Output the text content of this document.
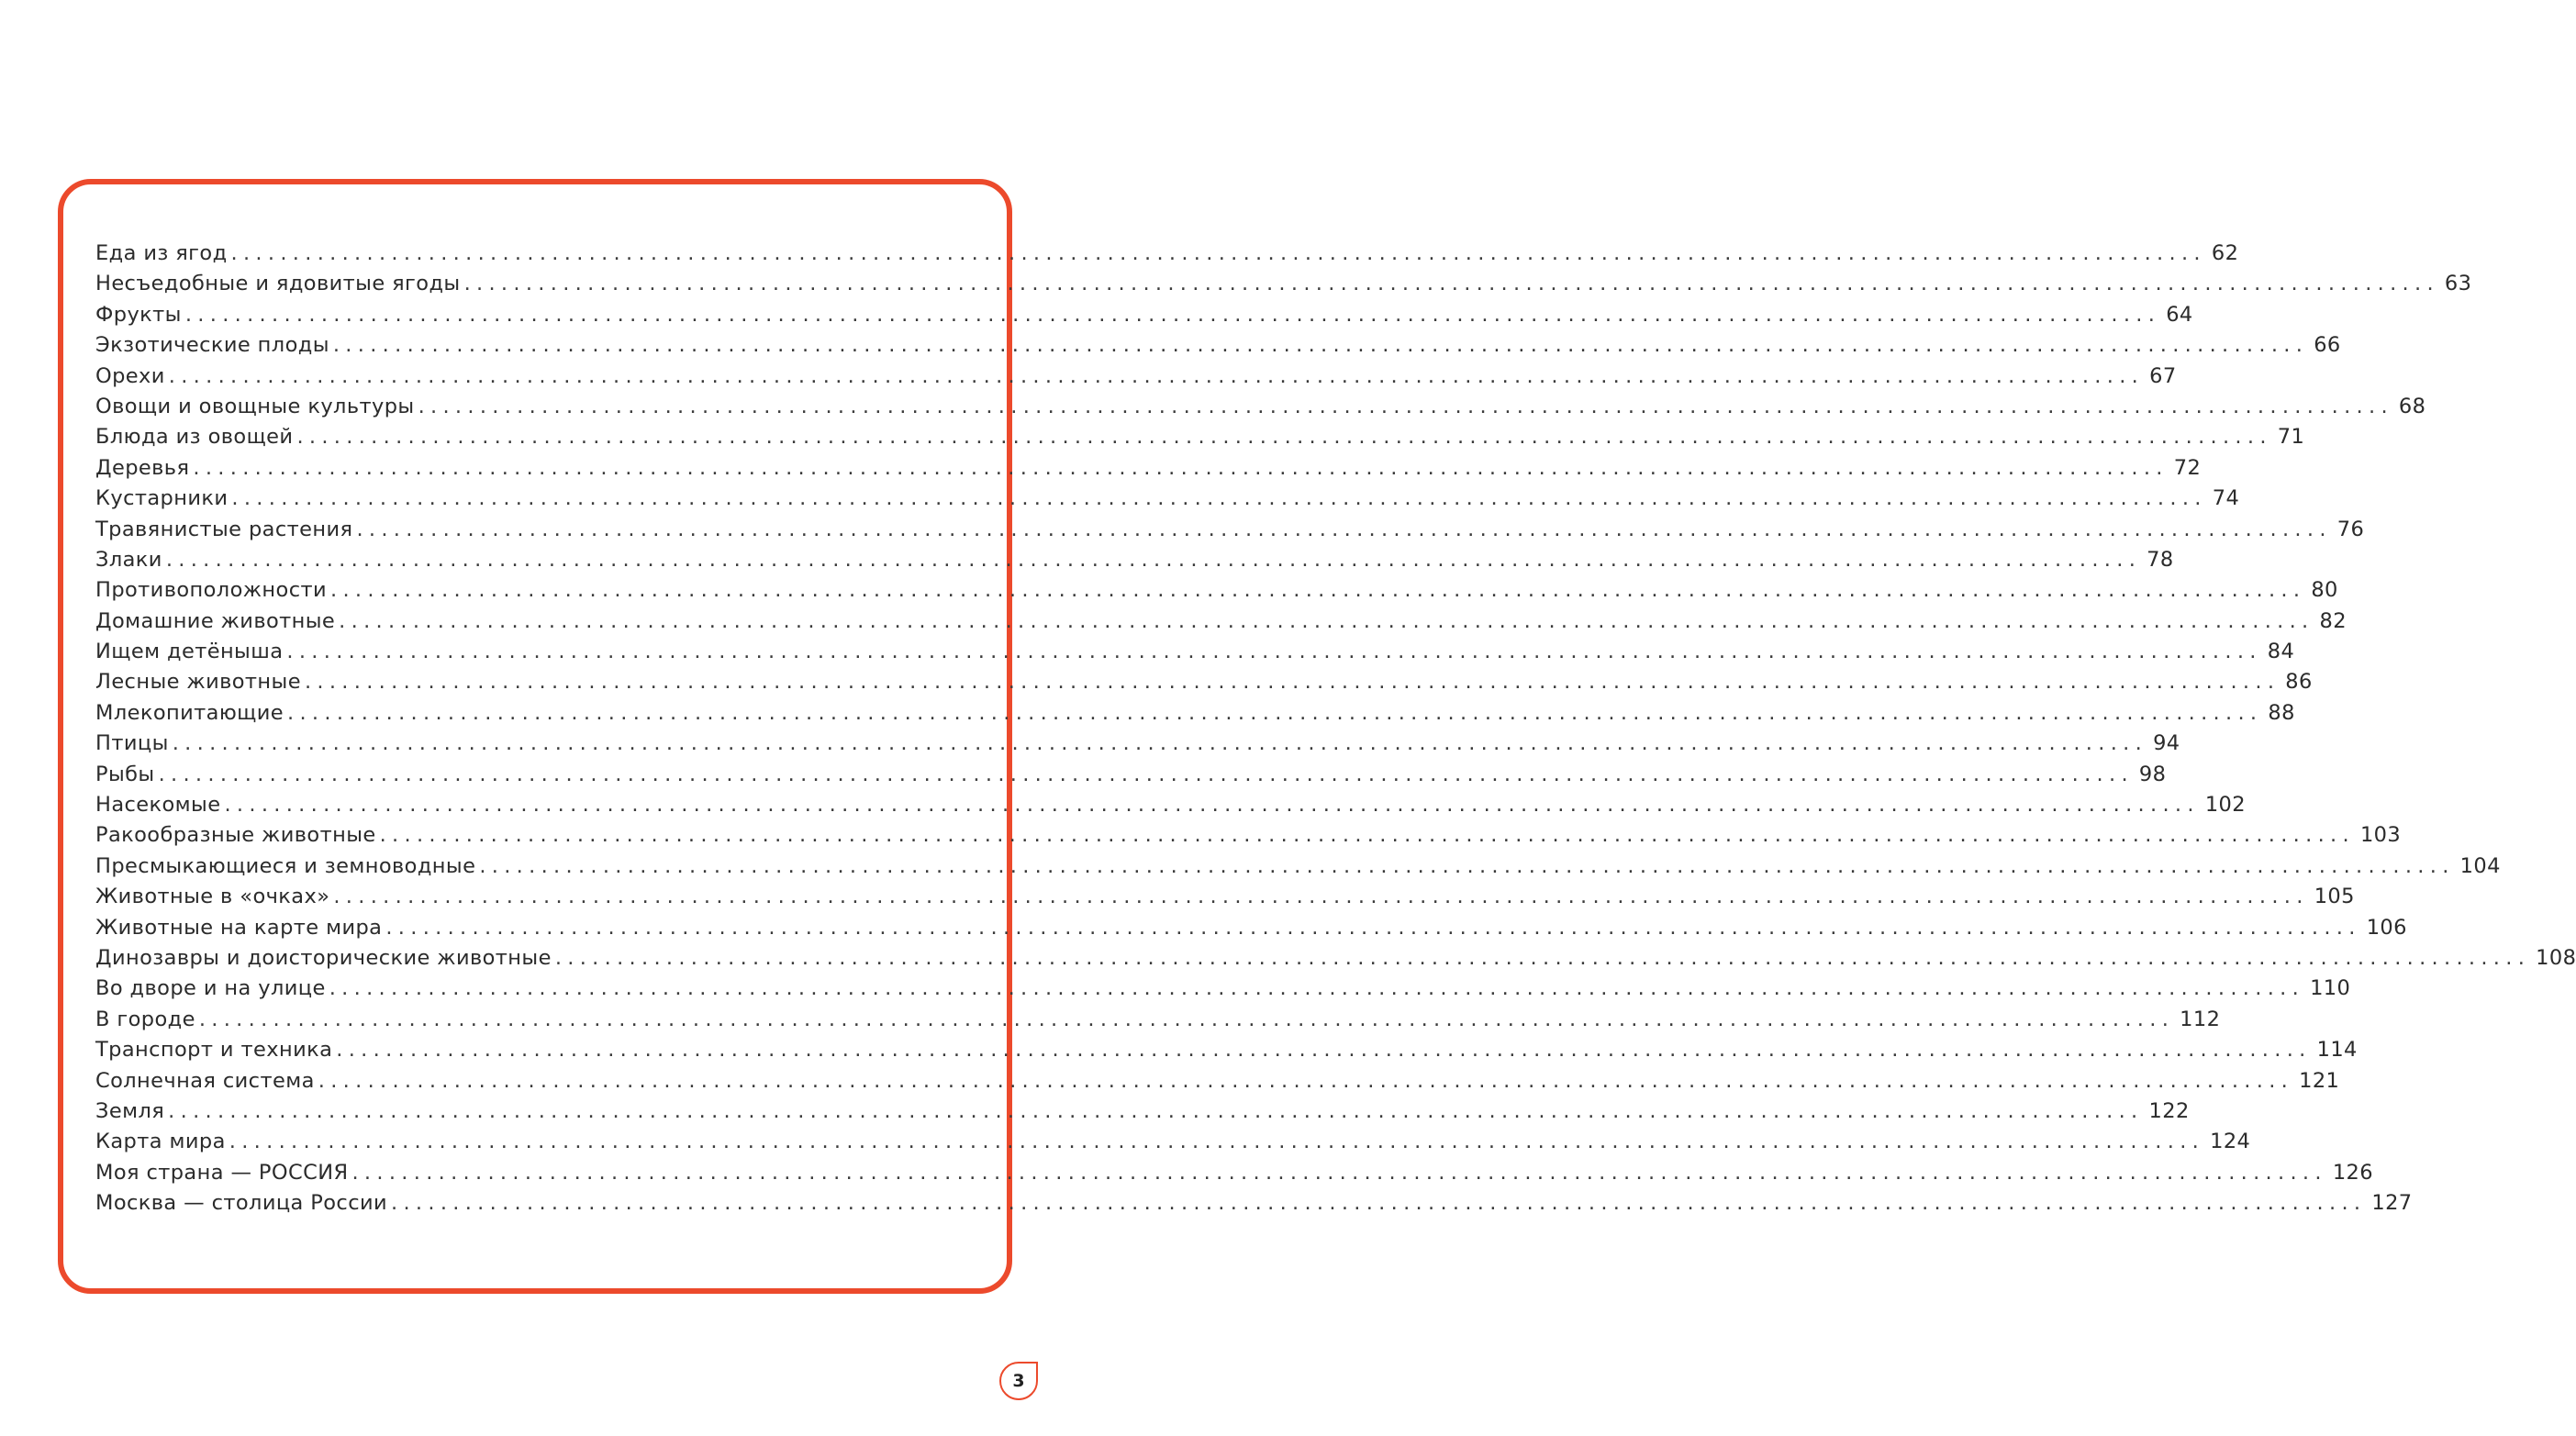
Еда из ягод ................................................................................................................................................................ 62
Несъедобные и ядовитые ягоды ................................................................................................................................................................ 63
Фрукты ................................................................................................................................................................ 64
Экзотические плоды ................................................................................................................................................................ 66
Орехи ................................................................................................................................................................ 67
Овощи и овощные культуры ................................................................................................................................................................ 68
Блюда из овощей ................................................................................................................................................................ 71
Деревья ................................................................................................................................................................ 72
Кустарники ................................................................................................................................................................ 74
Травянистые растения ................................................................................................................................................................ 76
Злаки ................................................................................................................................................................ 78
Противоположности ................................................................................................................................................................ 80
Домашние животные ................................................................................................................................................................ 82
Ищем детёныша ................................................................................................................................................................ 84
Лесные животные ................................................................................................................................................................ 86
Млекопитающие ................................................................................................................................................................ 88
Птицы ................................................................................................................................................................ 94
Рыбы ................................................................................................................................................................ 98
Насекомые ................................................................................................................................................................ 102
Ракообразные животные ................................................................................................................................................................ 103
Пресмыкающиеся и земноводные ................................................................................................................................................................ 104
Животные в «очках» ................................................................................................................................................................ 105
Животные на карте мира ................................................................................................................................................................ 106
Динозавры и доисторические животные ................................................................................................................................................................ 108
Во дворе и на улице ................................................................................................................................................................ 110
В городе ................................................................................................................................................................ 112
Транспорт и техника ................................................................................................................................................................ 114
Солнечная система ................................................................................................................................................................ 121
Земля ................................................................................................................................................................ 122
Карта мира ................................................................................................................................................................ 124
Моя страна — РОССИЯ ................................................................................................................................................................ 126
Москва — столица России ................................................................................................................................................................ 127
3
